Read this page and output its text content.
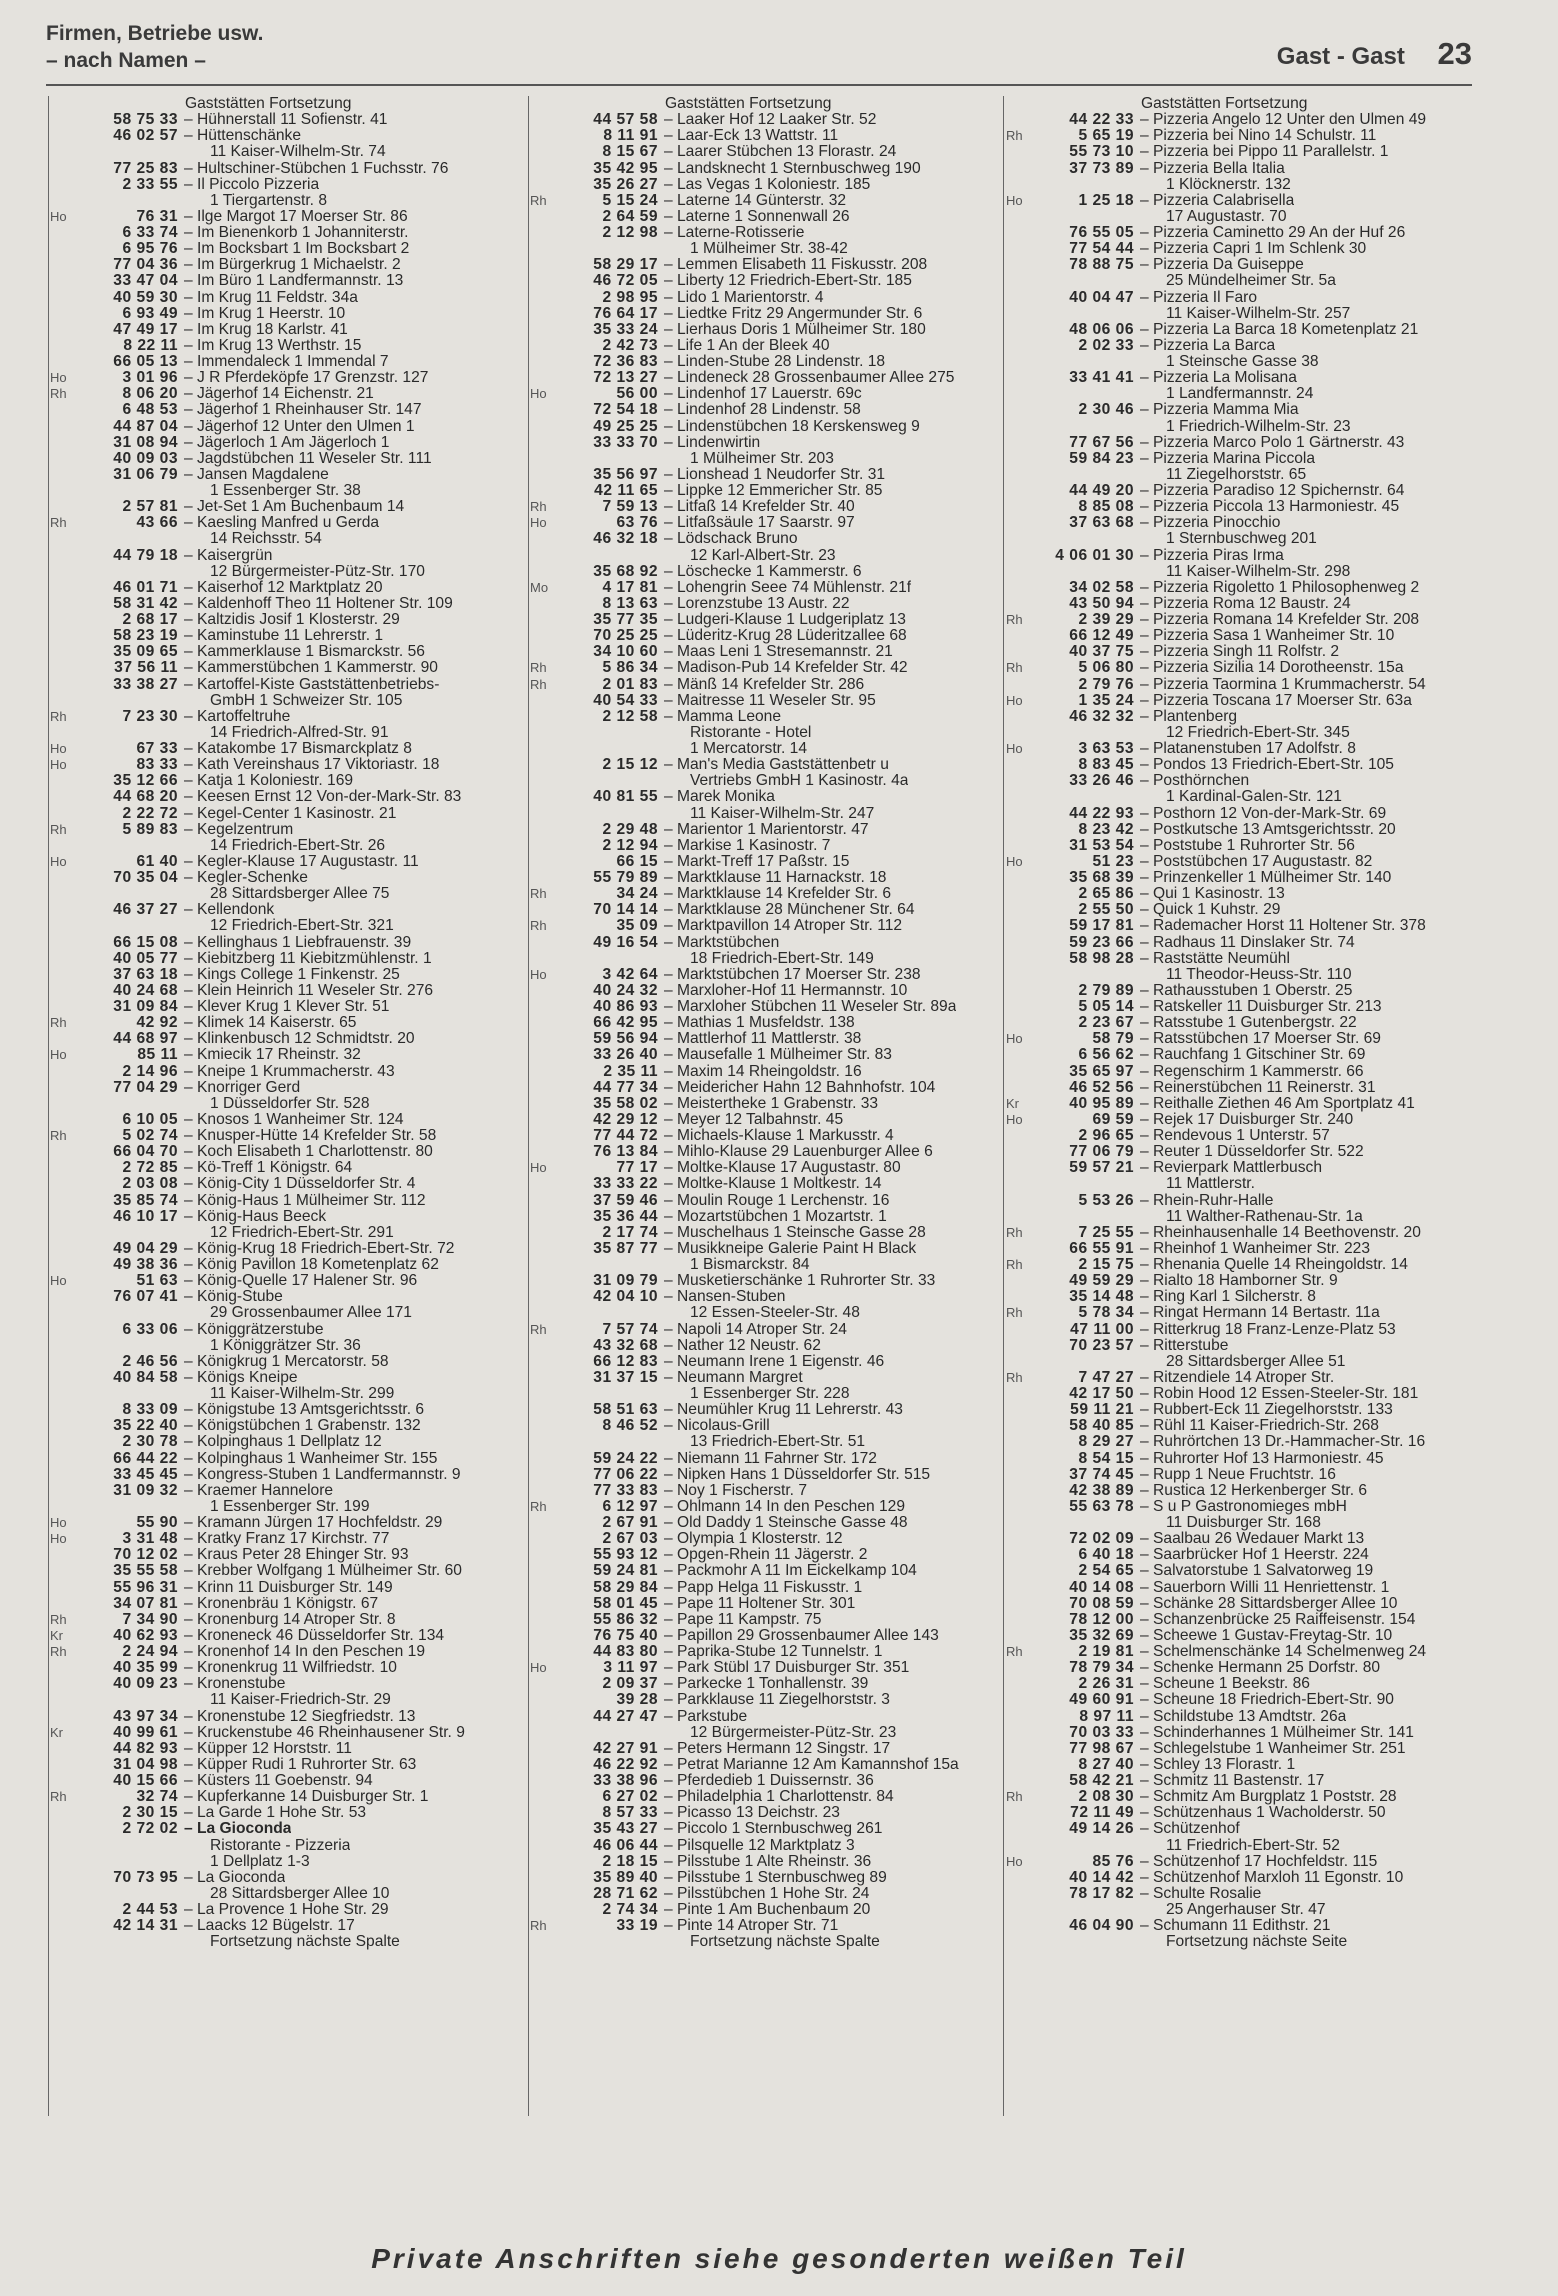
Firmen, Betriebe usw.
– nach Namen –	Gast - Gast 23
Gaststätten Fortsetzung
58 75 33 – Hühnerstall 11 Sofienstr. 41
46 02 57 – Hüttenschänke
11 Kaiser-Wilhelm-Str. 74
77 25 83 – Hultschiner-Stübchen 1 Fuchsstr. 76
2 33 55 – Il Piccolo Pizzeria
1 Tiergartenstr. 8
Ho	76 31 – Ilge Margot 17 Moerser Str. 86
6 33 74 – Im Bienenkorb 1 Johanniterstr.
6 95 76 – Im Bocksbart 1 Im Bocksbart 2
77 04 36 – Im Bürgerkrug 1 Michaelstr. 2
33 47 04 – Im Büro 1 Landfermannstr. 13
40 59 30 – Im Krug 11 Feldstr. 34a
6 93 49 – Im Krug 1 Heerstr. 10
47 49 17 – Im Krug 18 Karlstr. 41
8 22 11 – Im Krug 13 Werthstr. 15
66 05 13 – Immendaleck 1 Immendal 7
Ho	3 01 96 – J R Pferdeköpfe 17 Grenzstr. 127
Rh	8 06 20 – Jägerhof 14 Eichenstr. 21
6 48 53 – Jägerhof 1 Rheinhauser Str. 147
44 87 04 – Jägerhof 12 Unter den Ulmen 1
31 08 94 – Jägerloch 1 Am Jägerloch 1
40 09 03 – Jagdstübchen 11 Weseler Str. 111
31 06 79 – Jansen Magdalene
1 Essenberger Str. 38
2 57 81 – Jet-Set 1 Am Buchenbaum 14
Rh	43 66 – Kaesling Manfred u Gerda
14 Reichsstr. 54
44 79 18 – Kaisergrün
12 Bürgermeister-Pütz-Str. 170
46 01 71 – Kaiserhof 12 Marktplatz 20
58 31 42 – Kaldenhoff Theo 11 Holtener Str. 109
2 68 17 – Kaltzidis Josif 1 Klosterstr. 29
58 23 19 – Kaminstube 11 Lehrerstr. 1
35 09 65 – Kammerklause 1 Bismarckstr. 56
37 56 11 – Kammerstübchen 1 Kammerstr. 90
33 38 27 – Kartoffel-Kiste Gaststättenbetriebs-
GmbH 1 Schweizer Str. 105
Rh	7 23 30 – Kartoffeltruhe
14 Friedrich-Alfred-Str. 91
Ho	67 33 – Katakombe 17 Bismarckplatz 8
Ho	83 33 – Kath Vereinshaus 17 Viktoriastr. 18
35 12 66 – Katja 1 Koloniestr. 169
44 68 20 – Keesen Ernst 12 Von-der-Mark-Str. 83
2 22 72 – Kegel-Center 1 Kasinostr. 21
Rh	5 89 83 – Kegelzentrum
14 Friedrich-Ebert-Str. 26
Ho	61 40 – Kegler-Klause 17 Augustastr. 11
70 35 04 – Kegler-Schenke
28 Sittardsberger Allee 75
46 37 27 – Kellendonk
12 Friedrich-Ebert-Str. 321
66 15 08 – Kellinghaus 1 Liebfrauenstr. 39
40 05 77 – Kiebitzberg 11 Kiebitzmühlenstr. 1
37 63 18 – Kings College 1 Finkenstr. 25
40 24 68 – Klein Heinrich 11 Weseler Str. 276
31 09 84 – Klever Krug 1 Klever Str. 51
Rh	42 92 – Klimek 14 Kaiserstr. 65
44 68 97 – Klinkenbusch 12 Schmidtstr. 20
Ho	85 11 – Kmiecik 17 Rheinstr. 32
2 14 96 – Kneipe 1 Krummacherstr. 43
77 04 29 – Knorriger Gerd
1 Düsseldorfer Str. 528
6 10 05 – Knosos 1 Wanheimer Str. 124
Rh	5 02 74 – Knusper-Hütte 14 Krefelder Str. 58
66 04 70 – Koch Elisabeth 1 Charlottenstr. 80
2 72 85 – Kö-Treff 1 Königstr. 64
2 03 08 – König-City 1 Düsseldorfer Str. 4
35 85 74 – König-Haus 1 Mülheimer Str. 112
46 10 17 – König-Haus Beeck
12 Friedrich-Ebert-Str. 291
49 04 29 – König-Krug 18 Friedrich-Ebert-Str. 72
49 38 36 – König Pavillon 18 Kometenplatz 62
Ho	51 63 – König-Quelle 17 Halener Str. 96
76 07 41 – König-Stube
29 Grossenbaumer Allee 171
6 33 06 – Königgrätzerstube
1 Königgrätzer Str. 36
2 46 56 – Königkrug 1 Mercatorstr. 58
40 84 58 – Königs Kneipe
11 Kaiser-Wilhelm-Str. 299
8 33 09 – Königstube 13 Amtsgerichtsstr. 6
35 22 40 – Königstübchen 1 Grabenstr. 132
2 30 78 – Kolpinghaus 1 Dellplatz 12
66 44 22 – Kolpinghaus 1 Wanheimer Str. 155
33 45 45 – Kongress-Stuben 1 Landfermannstr. 9
31 09 32 – Kraemer Hannelore
1 Essenberger Str. 199
Ho	55 90 – Kramann Jürgen 17 Hochfeldstr. 29
Ho	3 31 48 – Kratky Franz 17 Kirchstr. 77
70 12 02 – Kraus Peter 28 Ehinger Str. 93
35 55 58 – Krebber Wolfgang 1 Mülheimer Str. 60
55 96 31 – Krinn 11 Duisburger Str. 149
34 07 81 – Kronenbräu 1 Königstr. 67
Rh	7 34 90 – Kronenburg 14 Atroper Str. 8
Kr	40 62 93 – Kroneneck 46 Düsseldorfer Str. 134
Rh	2 24 94 – Kronenhof 14 In den Peschen 19
40 35 99 – Kronenkrug 11 Wilfriedstr. 10
40 09 23 – Kronenstube
11 Kaiser-Friedrich-Str. 29
43 97 34 – Kronenstube 12 Siegfriedstr. 13
Kr	40 99 61 – Kruckenstube 46 Rheinhausener Str. 9
44 82 93 – Küpper 12 Horststr. 11
31 04 98 – Küpper Rudi 1 Ruhrorter Str. 63
40 15 66 – Küsters 11 Goebenstr. 94
Rh	32 74 – Kupferkanne 14 Duisburger Str. 1
2 30 15 – La Garde 1 Hohe Str. 53
2 72 02 – La Gioconda
Ristorante - Pizzeria
1 Dellplatz 1-3
70 73 95 – La Gioconda
28 Sittardsberger Allee 10
2 44 53 – La Provence 1 Hohe Str. 29
42 14 31 – Laacks 12 Bügelstr. 17
Fortsetzung nächste Spalte
Gaststätten Fortsetzung
44 57 58 – Laaker Hof 12 Laaker Str. 52
8 11 91 – Laar-Eck 13 Wattstr. 11
8 15 67 – Laarer Stübchen 13 Florastr. 24
35 42 95 – Landsknecht 1 Sternbuschweg 190
35 26 27 – Las Vegas 1 Koloniestr. 185
Rh	5 15 24 – Laterne 14 Günterstr. 32
2 64 59 – Laterne 1 Sonnenwall 26
2 12 98 – Laterne-Rotisserie
1 Mülheimer Str. 38-42
58 29 17 – Lemmen Elisabeth 11 Fiskusstr. 208
46 72 05 – Liberty 12 Friedrich-Ebert-Str. 185
2 98 95 – Lido 1 Marientorstr. 4
76 64 17 – Liedtke Fritz 29 Angermunder Str. 6
35 33 24 – Lierhaus Doris 1 Mülheimer Str. 180
2 42 73 – Life 1 An der Bleek 40
72 36 83 – Linden-Stube 28 Lindenstr. 18
72 13 27 – Lindeneck 28 Grossenbaumer Allee 275
Ho	56 00 – Lindenhof 17 Lauerstr. 69c
72 54 18 – Lindenhof 28 Lindenstr. 58
49 25 25 – Lindenstübchen 18 Kerskensweg 9
33 33 70 – Lindenwirtin
1 Mülheimer Str. 203
35 56 97 – Lionshead 1 Neudorfer Str. 31
42 11 65 – Lippke 12 Emmericher Str. 85
Rh	7 59 13 – Litfaß 14 Krefelder Str. 40
Ho	63 76 – Litfaßsäule 17 Saarstr. 97
46 32 18 – Lödschack Bruno
12 Karl-Albert-Str. 23
35 68 92 – Löschecke 1 Kammerstr. 6
Mo	4 17 81 – Lohengrin Seee 74 Mühlenstr. 21f
8 13 63 – Lorenzstube 13 Austr. 22
35 77 35 – Ludgeri-Klause 1 Ludgeriplatz 13
70 25 25 – Lüderitz-Krug 28 Lüderitzallee 68
34 10 60 – Maas Leni 1 Stresemannstr. 21
Rh	5 86 34 – Madison-Pub 14 Krefelder Str. 42
Rh	2 01 83 – Mänß 14 Krefelder Str. 286
40 54 33 – Maitresse 11 Weseler Str. 95
2 12 58 – Mamma Leone
Ristorante - Hotel
1 Mercatorstr. 14
2 15 12 – Man's Media Gaststättenbetr u
Vertriebs GmbH 1 Kasinostr. 4a
40 81 55 – Marek Monika
11 Kaiser-Wilhelm-Str. 247
2 29 48 – Marientor 1 Marientorstr. 47
2 12 94 – Markise 1 Kasinostr. 7
66 15 – Markt-Treff 17 Paßstr. 15
55 79 89 – Marktklause 11 Harnackstr. 18
Rh	34 24 – Marktklause 14 Krefelder Str. 6
70 14 14 – Marktklause 28 Münchener Str. 64
Rh	35 09 – Marktpavillon 14 Atroper Str. 112
49 16 54 – Marktstübchen
18 Friedrich-Ebert-Str. 149
Ho	3 42 64 – Marktstübchen 17 Moerser Str. 238
40 24 32 – Marxloher-Hof 11 Hermannstr. 10
40 86 93 – Marxloher Stübchen 11 Weseler Str. 89a
66 42 95 – Mathias 1 Musfeldstr. 138
59 56 94 – Mattlerhof 11 Mattlerstr. 38
33 26 40 – Mausefalle 1 Mülheimer Str. 83
2 35 11 – Maxim 14 Rheingoldstr. 16
44 77 34 – Meidericher Hahn 12 Bahnhofstr. 104
35 58 02 – Meistertheke 1 Grabenstr. 33
42 29 12 – Meyer 12 Talbahnstr. 45
77 44 72 – Michaels-Klause 1 Markusstr. 4
76 13 84 – Mihlo-Klause 29 Lauenburger Allee 6
Ho	77 17 – Moltke-Klause 17 Augustastr. 80
33 33 22 – Moltke-Klause 1 Moltkestr. 14
37 59 46 – Moulin Rouge 1 Lerchenstr. 16
35 36 44 – Mozartstübchen 1 Mozartstr. 1
2 17 74 – Muschelhaus 1 Steinsche Gasse 28
35 87 77 – Musikkneipe Galerie Paint H Black
1 Bismarckstr. 84
31 09 79 – Musketierschänke 1 Ruhrorter Str. 33
42 04 10 – Nansen-Stuben
12 Essen-Steeler-Str. 48
Rh	7 57 74 – Napoli 14 Atroper Str. 24
43 32 68 – Nather 12 Neustr. 62
66 12 83 – Neumann Irene 1 Eigenstr. 46
31 37 15 – Neumann Margret
1 Essenberger Str. 228
58 51 63 – Neumühler Krug 11 Lehrerstr. 43
8 46 52 – Nicolaus-Grill
13 Friedrich-Ebert-Str. 51
59 24 22 – Niemann 11 Fahrner Str. 172
77 06 22 – Nipken Hans 1 Düsseldorfer Str. 515
77 33 83 – Noy 1 Fischerstr. 7
Rh	6 12 97 – Ohlmann 14 In den Peschen 129
2 67 91 – Old Daddy 1 Steinsche Gasse 48
2 67 03 – Olympia 1 Klosterstr. 12
55 93 12 – Opgen-Rhein 11 Jägerstr. 2
59 24 81 – Packmohr A 11 Im Eickelkamp 104
58 29 84 – Papp Helga 11 Fiskusstr. 1
58 01 45 – Pape 11 Holtener Str. 301
55 86 32 – Pape 11 Kampstr. 75
76 75 40 – Papillon 29 Grossenbaumer Allee 143
44 83 80 – Paprika-Stube 12 Tunnelstr. 1
Ho	3 11 97 – Park Stübl 17 Duisburger Str. 351
2 09 37 – Parkecke 1 Tonhallenstr. 39
39 28 – Parkklause 11 Ziegelhorststr. 3
44 27 47 – Parkstube
12 Bürgermeister-Pütz-Str. 23
42 27 91 – Peters Hermann 12 Singstr. 17
46 22 92 – Petrat Marianne 12 Am Kamannshof 15a
33 38 96 – Pferdedieb 1 Duissernstr. 36
6 27 02 – Philadelphia 1 Charlottenstr. 84
8 57 33 – Picasso 13 Deichstr. 23
35 43 27 – Piccolo 1 Sternbuschweg 261
46 06 44 – Pilsquelle 12 Marktplatz 3
2 18 15 – Pilsstube 1 Alte Rheinstr. 36
35 89 40 – Pilsstube 1 Sternbuschweg 89
28 71 62 – Pilsstübchen 1 Hohe Str. 24
2 74 34 – Pinte 1 Am Buchenbaum 20
Rh	33 19 – Pinte 14 Atroper Str. 71
Fortsetzung nächste Spalte
Gaststätten Fortsetzung
44 22 33 – Pizzeria Angelo 12 Unter den Ulmen 49
Rh	5 65 19 – Pizzeria bei Nino 14 Schulstr. 11
55 73 10 – Pizzeria bei Pippo 11 Parallelstr. 1
37 73 89 – Pizzeria Bella Italia
1 Klöcknerstr. 132
Ho	1 25 18 – Pizzeria Calabrisella
17 Augustastr. 70
76 55 05 – Pizzeria Caminetto 29 An der Huf 26
77 54 44 – Pizzeria Capri 1 Im Schlenk 30
78 88 75 – Pizzeria Da Guiseppe
25 Mündelheimer Str. 5a
40 04 47 – Pizzeria Il Faro
11 Kaiser-Wilhelm-Str. 257
48 06 06 – Pizzeria La Barca 18 Kometenplatz 21
2 02 33 – Pizzeria La Barca
1 Steinsche Gasse 38
33 41 41 – Pizzeria La Molisana
1 Landfermannstr. 24
2 30 46 – Pizzeria Mamma Mia
1 Friedrich-Wilhelm-Str. 23
77 67 56 – Pizzeria Marco Polo 1 Gärtnerstr. 43
59 84 23 – Pizzeria Marina Piccola
11 Ziegelhorststr. 65
44 49 20 – Pizzeria Paradiso 12 Spichernstr. 64
8 85 08 – Pizzeria Piccola 13 Harmoniestr. 45
37 63 68 – Pizzeria Pinocchio
1 Sternbuschweg 201
4 06 01 30 – Pizzeria Piras Irma
11 Kaiser-Wilhelm-Str. 298
34 02 58 – Pizzeria Rigoletto 1 Philosophenweg 2
43 50 94 – Pizzeria Roma 12 Baustr. 24
Rh	2 39 29 – Pizzeria Romana 14 Krefelder Str. 208
66 12 49 – Pizzeria Sasa 1 Wanheimer Str. 10
40 37 75 – Pizzeria Singh 11 Rolfstr. 2
Rh	5 06 80 – Pizzeria Sizilia 14 Dorotheenstr. 15a
2 79 76 – Pizzeria Taormina 1 Krummacherstr. 54
Ho	1 35 24 – Pizzeria Toscana 17 Moerser Str. 63a
46 32 32 – Plantenberg
12 Friedrich-Ebert-Str. 345
Ho	3 63 53 – Platanenstuben 17 Adolfstr. 8
8 83 45 – Pondos 13 Friedrich-Ebert-Str. 105
33 26 46 – Posthörnchen
1 Kardinal-Galen-Str. 121
44 22 93 – Posthorn 12 Von-der-Mark-Str. 69
8 23 42 – Postkutsche 13 Amtsgerichtsstr. 20
31 53 54 – Poststube 1 Ruhrorter Str. 56
Ho	51 23 – Poststübchen 17 Augustastr. 82
35 68 39 – Prinzenkeller 1 Mülheimer Str. 140
2 65 86 – Qui 1 Kasinostr. 13
2 55 50 – Quick 1 Kuhstr. 29
59 17 81 – Rademacher Horst 11 Holtener Str. 378
59 23 66 – Radhaus 11 Dinslaker Str. 74
58 98 28 – Raststätte Neumühl
11 Theodor-Heuss-Str. 110
2 79 89 – Rathausstuben 1 Oberstr. 25
5 05 14 – Ratskeller 11 Duisburger Str. 213
2 23 67 – Ratsstube 1 Gutenbergstr. 22
Ho	58 79 – Ratsstübchen 17 Moerser Str. 69
6 56 62 – Rauchfang 1 Gitschiner Str. 69
35 65 97 – Regenschirm 1 Kammerstr. 66
46 52 56 – Reinerstübchen 11 Reinerstr. 31
Kr	40 95 89 – Reithalle Ziethen 46 Am Sportplatz 41
Ho	69 59 – Rejek 17 Duisburger Str. 240
2 96 65 – Rendevous 1 Unterstr. 57
77 06 79 – Reuter 1 Düsseldorfer Str. 522
59 57 21 – Revierpark Mattlerbusch
11 Mattlerstr.
5 53 26 – Rhein-Ruhr-Halle
11 Walther-Rathenau-Str. 1a
Rh	7 25 55 – Rheinhausenhalle 14 Beethovenstr. 20
66 55 91 – Rheinhof 1 Wanheimer Str. 223
Rh	2 15 75 – Rhenania Quelle 14 Rheingoldstr. 14
49 59 29 – Rialto 18 Hamborner Str. 9
35 14 48 – Ring Karl 1 Silcherstr. 8
Rh	5 78 34 – Ringat Hermann 14 Bertastr. 11a
47 11 00 – Ritterkrug 18 Franz-Lenze-Platz 53
70 23 57 – Ritterstube
28 Sittardsberger Allee 51
Rh	7 47 27 – Ritzendiele 14 Atroper Str.
42 17 50 – Robin Hood 12 Essen-Steeler-Str. 181
59 11 21 – Rubbert-Eck 11 Ziegelhorststr. 133
58 40 85 – Rühl 11 Kaiser-Friedrich-Str. 268
8 29 27 – Ruhrörtchen 13 Dr.-Hammacher-Str. 16
8 54 15 – Ruhrorter Hof 13 Harmoniestr. 45
37 74 45 – Rupp 1 Neue Fruchtstr. 16
42 38 89 – Rustica 12 Herkenberger Str. 6
55 63 78 – S u P Gastronomieges mbH
11 Duisburger Str. 168
72 02 09 – Saalbau 26 Wedauer Markt 13
6 40 18 – Saarbrücker Hof 1 Heerstr. 224
2 54 65 – Salvatorstube 1 Salvatorweg 19
40 14 08 – Sauerborn Willi 11 Henriettenstr. 1
70 08 59 – Schänke 28 Sittardsberger Allee 10
78 12 00 – Schanzenbrücke 25 Raiffeisenstr. 154
35 32 69 – Scheewe 1 Gustav-Freytag-Str. 10
Rh	2 19 81 – Schelmenschänke 14 Schelmenweg 24
78 79 34 – Schenke Hermann 25 Dorfstr. 80
2 26 31 – Scheune 1 Beekstr. 86
49 60 91 – Scheune 18 Friedrich-Ebert-Str. 90
8 97 11 – Schildstube 13 Amdtstr. 26a
70 03 33 – Schinderhannes 1 Mülheimer Str. 141
77 98 67 – Schlegelstube 1 Wanheimer Str. 251
8 27 40 – Schley 13 Florastr. 1
58 42 21 – Schmitz 11 Bastenstr. 17
Rh	2 08 30 – Schmitz Am Burgplatz 1 Poststr. 28
72 11 49 – Schützenhaus 1 Wacholderstr. 50
49 14 26 – Schützenhof
11 Friedrich-Ebert-Str. 52
Ho	85 76 – Schützenhof 17 Hochfeldstr. 115
40 14 42 – Schützenhof Marxloh 11 Egonstr. 10
78 17 82 – Schulte Rosalie
25 Angerhauser Str. 47
46 04 90 – Schumann 11 Edithstr. 21
Fortsetzung nächste Seite
Private Anschriften siehe gesonderten weißen Teil
